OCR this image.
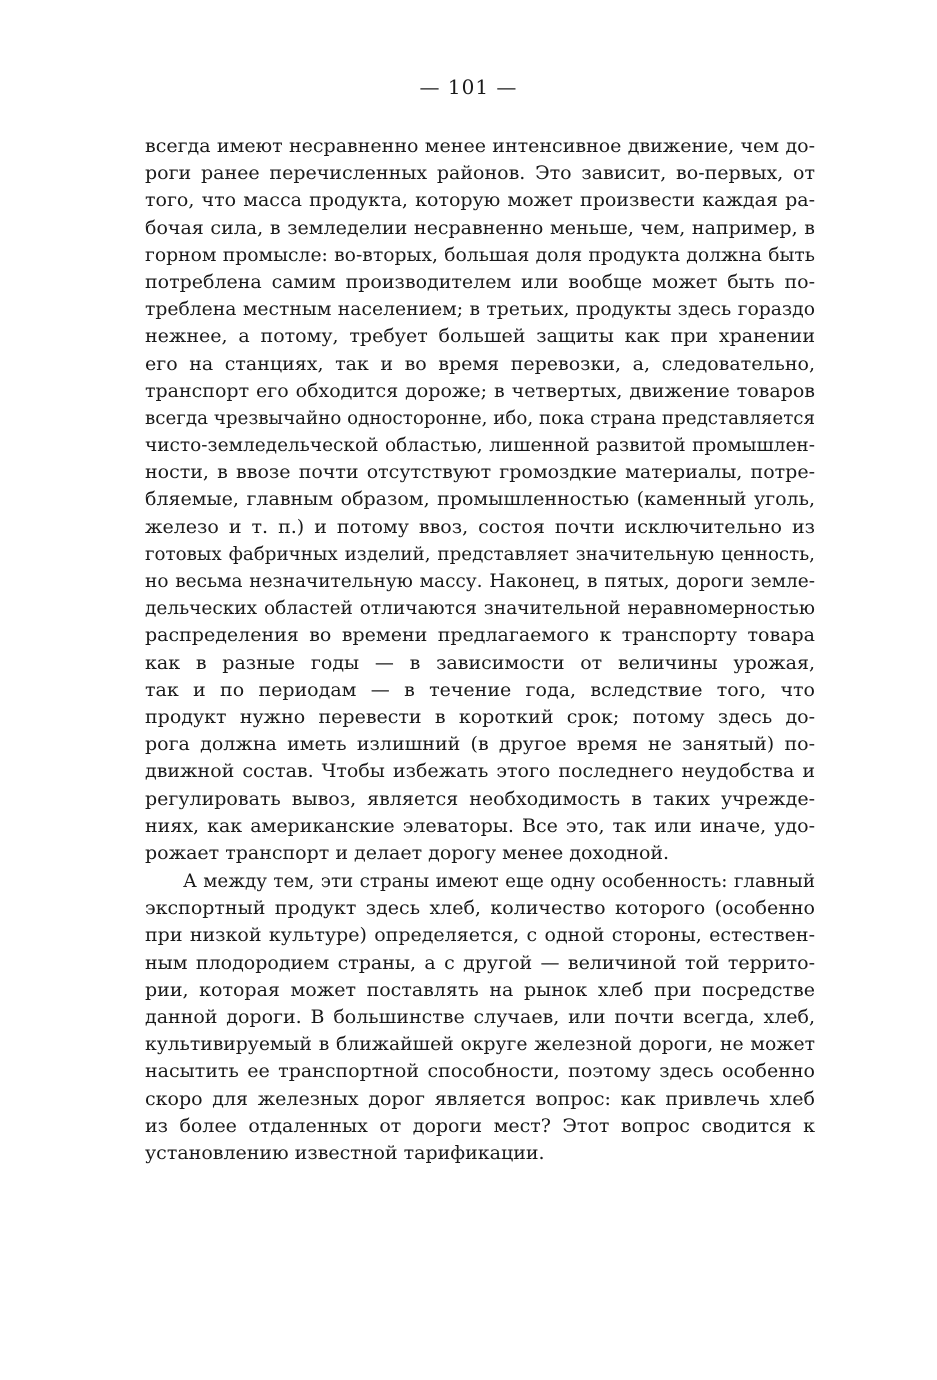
— 101 —
всегда имеют несравненно менее интенсивное движение, чем до-
роги ранее перечисленных районов. Это зависит, во-первых, от
того, что масса продукта, которую может произвести каждая ра-
бочая сила, в земледелии несравненно меньше, чем, например, в
горном промысле: во-вторых, большая доля продукта должна быть
потреблена самим производителем или вообще может быть по-
треблена местным населением; в третьих, продукты здесь гораздо
нежнее, а потому, требует большей защиты как при хранении
его на станциях, так и во время перевозки, а, следовательно,
транспорт его обходится дороже; в четвертых, движение товаров
всегда чрезвычайно односторонне, ибо, пока страна представляется
чисто-земледельческой областью, лишенной развитой промышлен-
ности, в ввозе почти отсутствуют громоздкие материалы, потре-
бляемые, главным образом, промышленностью (каменный уголь,
железо и т. п.) и потому ввоз, состоя почти исключительно из
готовых фабричных изделий, представляет значительную ценность,
но весьма незначительную массу. Наконец, в пятых, дороги земле-
дельческих областей отличаются значительной неравномерностью
распределения во времени предлагаемого к транспорту товара
как в разные годы — в зависимости от величины урожая,
так и по периодам — в течение года, вследствие того, что
продукт нужно перевести в короткий срок; потому здесь до-
рога должна иметь излишний (в другое время не занятый) по-
движной состав. Чтобы избежать этого последнего неудобства и
регулировать вывоз, является необходимость в таких учрежде-
ниях, как американские элеваторы. Все это, так или иначе, удо-
рожает транспорт и делает дорогу менее доходной.
А между тем, эти страны имеют еще одну особенность: главный
экспортный продукт здесь хлеб, количество которого (особенно
при низкой культуре) определяется, с одной стороны, естествен-
ным плодородием страны, а с другой — величиной той террито-
рии, которая может поставлять на рынок хлеб при посредстве
данной дороги. В большинстве случаев, или почти всегда, хлеб,
культивируемый в ближайшей округе железной дороги, не может
насытить ее транспортной способности, поэтому здесь особенно
скоро для железных дорог является вопрос: как привлечь хлеб
из более отдаленных от дороги мест? Этот вопрос сводится к
установлению известной тарификации.
